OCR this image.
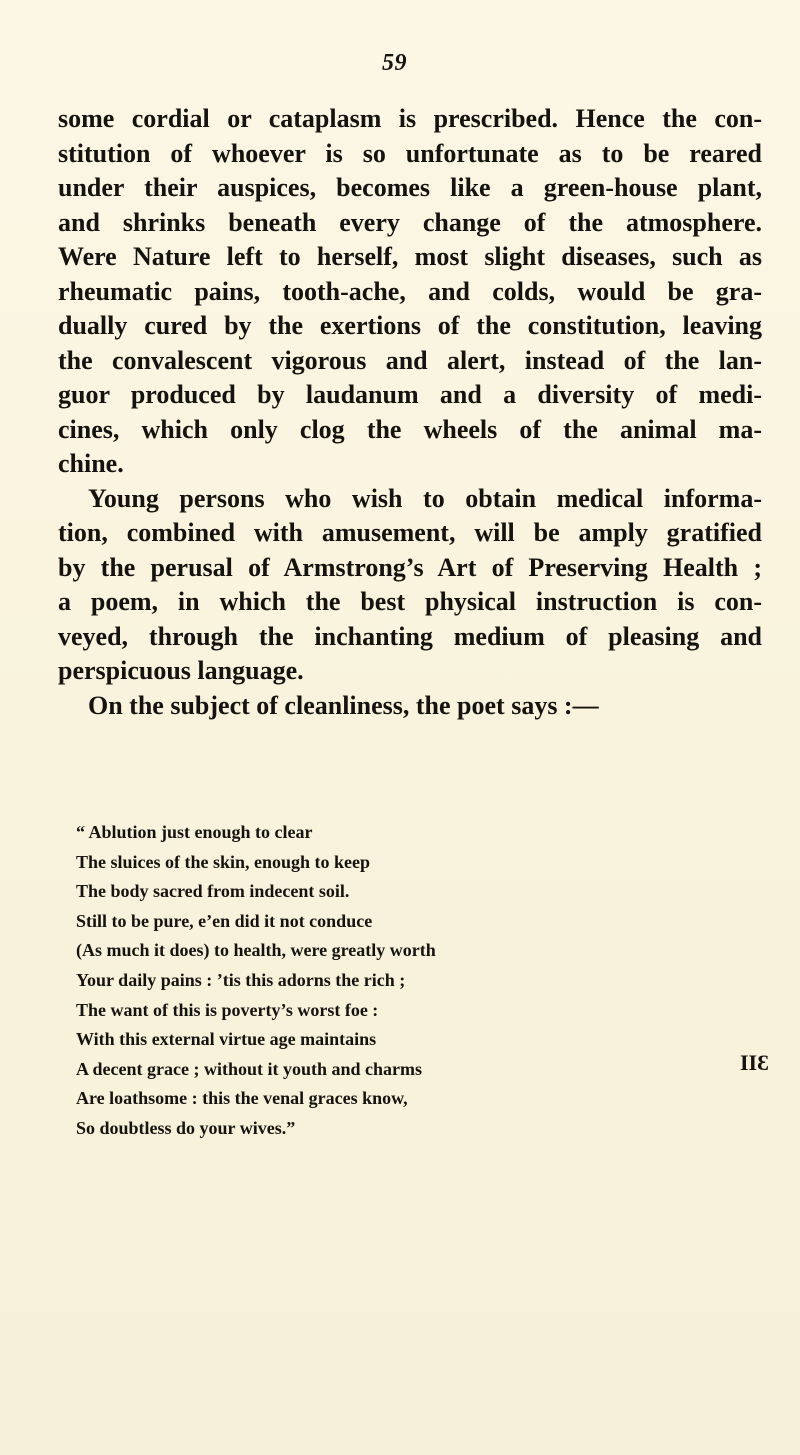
59
some cordial or cataplasm is prescribed. Hence the con-
stitution of whoever is so unfortunate as to be reared
under their auspices, becomes like a green-house plant,
and shrinks beneath every change of the atmosphere.
Were Nature left to herself, most slight diseases, such as
rheumatic pains, tooth-ache, and colds, would be gra-
dually cured by the exertions of the constitution, leaving
the convalescent vigorous and alert, instead of the lan-
guor produced by laudanum and a diversity of medi-
cines, which only clog the wheels of the animal ma-
chine.
Young persons who wish to obtain medical informa-
tion, combined with amusement, will be amply gratified
by the perusal of Armstrong’s Art of Preserving Health ;
a poem, in which the best physical instruction is con-
veyed, through the inchanting medium of pleasing and
perspicuous language.
On the subject of cleanliness, the poet says :—
“ Ablution just enough to clear
The sluices of the skin, enough to keep
The body sacred from indecent soil.
Still to be pure, e’en did it not conduce
(As much it does) to health, were greatly worth
Your daily pains : ’tis this adorns the rich ;
The want of this is poverty’s worst foe :
With this external virtue age maintains
A decent grace ; without it youth and charms
Are loathsome : this the venal graces know,
So doubtless do your wives.”
IIƐ
